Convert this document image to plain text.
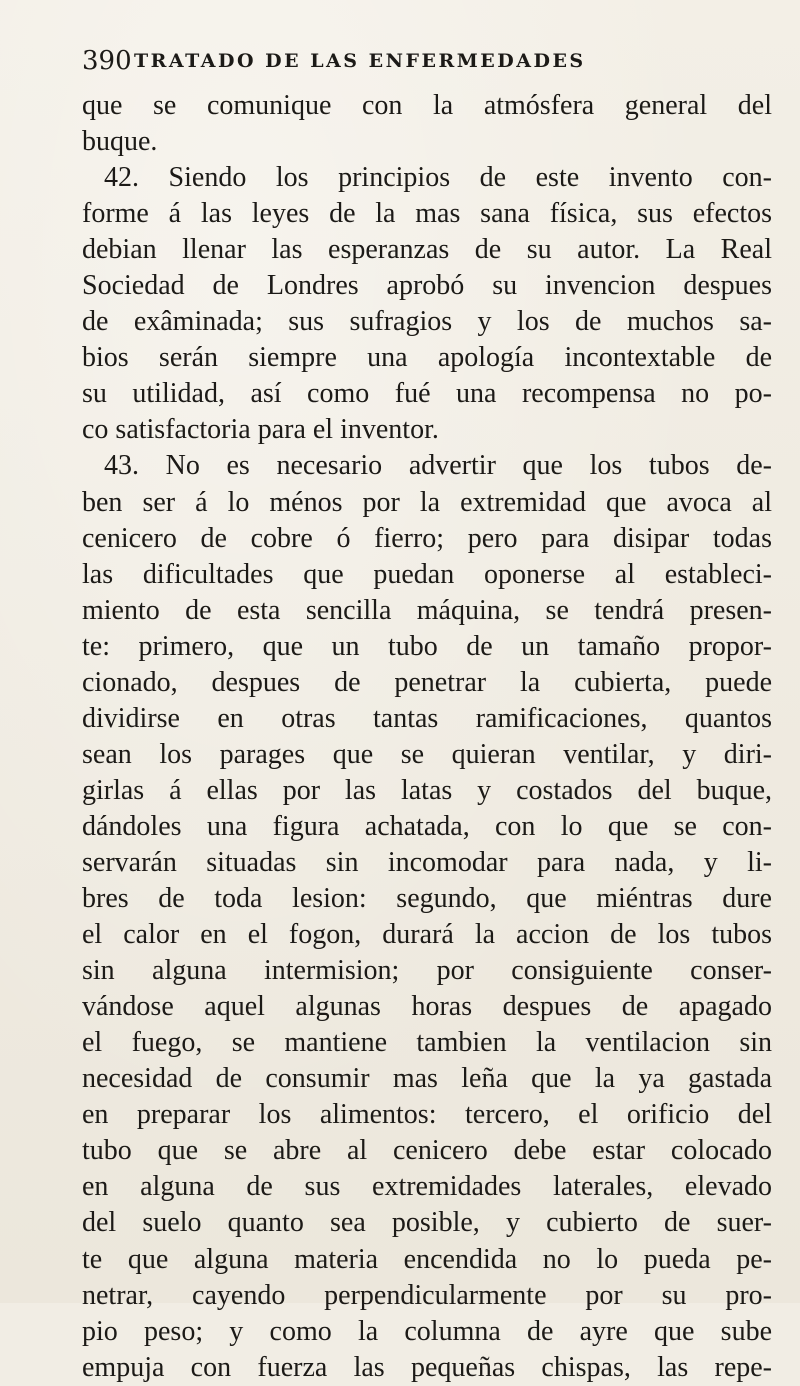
390 TRATADO DE LAS ENFERMEDADES
que se comunique con la atmósfera general del
buque.
42. Siendo los principios de este invento con-
forme á las leyes de la mas sana física, sus efectos
debian llenar las esperanzas de su autor. La Real
Sociedad de Londres aprobó su invencion despues
de exâminada; sus sufragios y los de muchos sa-
bios serán siempre una apología incontextable de
su utilidad, así como fué una recompensa no po-
co satisfactoria para el inventor.
43. No es necesario advertir que los tubos de-
ben ser á lo ménos por la extremidad que avoca al
cenicero de cobre ó fierro; pero para disipar todas
las dificultades que puedan oponerse al estableci-
miento de esta sencilla máquina, se tendrá presen-
te: primero, que un tubo de un tamaño propor-
cionado, despues de penetrar la cubierta, puede
dividirse en otras tantas ramificaciones, quantos
sean los parages que se quieran ventilar, y diri-
girlas á ellas por las latas y costados del buque,
dándoles una figura achatada, con lo que se con-
servarán situadas sin incomodar para nada, y li-
bres de toda lesion: segundo, que miéntras dure
el calor en el fogon, durará la accion de los tubos
sin alguna intermision; por consiguiente conser-
vándose aquel algunas horas despues de apagado
el fuego, se mantiene tambien la ventilacion sin
necesidad de consumir mas leña que la ya gastada
en preparar los alimentos: tercero, el orificio del
tubo que se abre al cenicero debe estar colocado
en alguna de sus extremidades laterales, elevado
del suelo quanto sea posible, y cubierto de suer-
te que alguna materia encendida no lo pueda pe-
netrar, cayendo perpendicularmente por su pro-
pio peso; y como la columna de ayre que sube
empuja con fuerza las pequeñas chispas, las repe-
